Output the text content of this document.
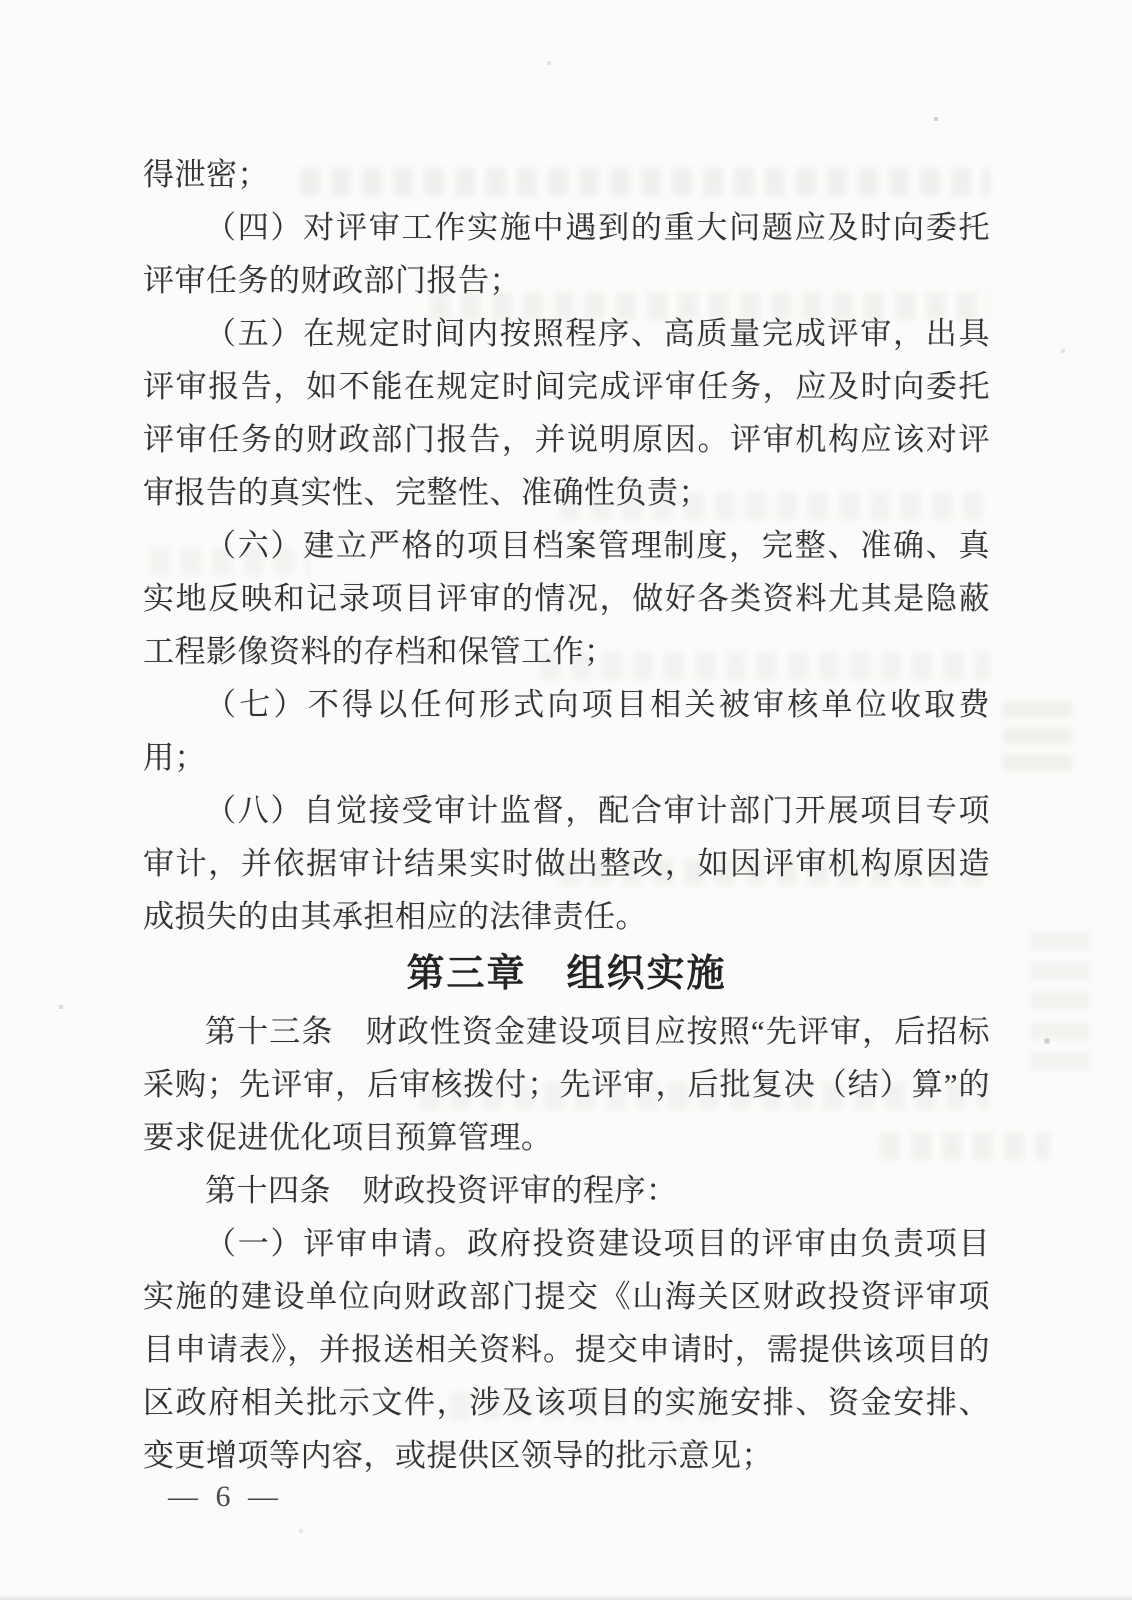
得泄密；

（四）对评审工作实施中遇到的重大问题应及时向委托评审任务的财政部门报告；

（五）在规定时间内按照程序、高质量完成评审，出具评审报告，如不能在规定时间完成评审任务，应及时向委托评审任务的财政部门报告，并说明原因。评审机构应该对评审报告的真实性、完整性、准确性负责；

（六）建立严格的项目档案管理制度，完整、准确、真实地反映和记录项目评审的情况，做好各类资料尤其是隐蔽工程影像资料的存档和保管工作；

（七）不得以任何形式向项目相关被审核单位收取费用；

（八）自觉接受审计监督，配合审计部门开展项目专项审计，并依据审计结果实时做出整改，如因评审机构原因造成损失的由其承担相应的法律责任。

第三章　组织实施

第十三条　财政性资金建设项目应按照“先评审，后招标采购；先评审，后审核拨付；先评审，后批复决（结）算”的要求促进优化项目预算管理。

第十四条　财政投资评审的程序：

（一）评审申请。政府投资建设项目的评审由负责项目实施的建设单位向财政部门提交《山海关区财政投资评审项目申请表》，并报送相关资料。提交申请时，需提供该项目的区政府相关批示文件，涉及该项目的实施安排、资金安排、变更增项等内容，或提供区领导的批示意见；

— 6 —
